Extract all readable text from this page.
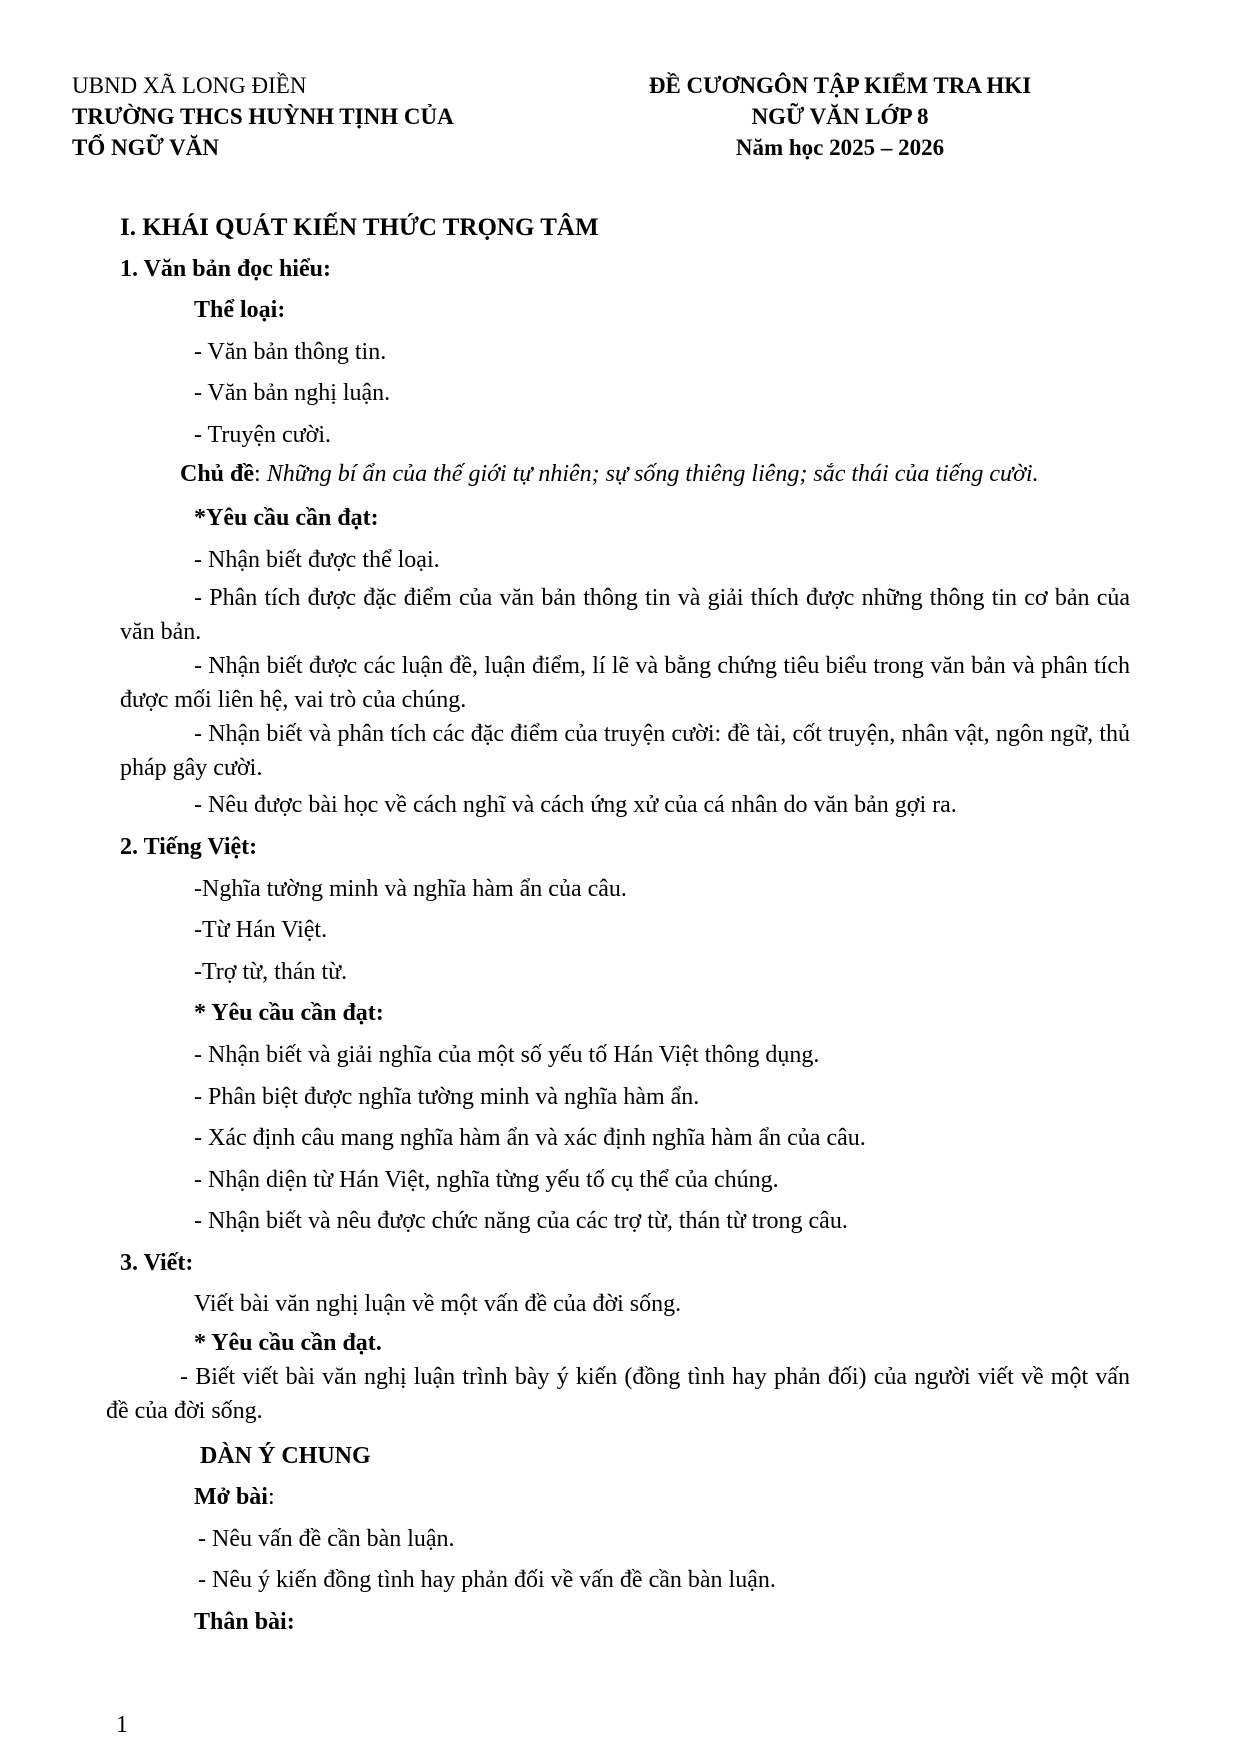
UBND XÃ LONG ĐIỀN
TRƯỜNG THCS HUỲNH TỊNH CỦA
TỔ NGỮ VĂN
ĐỀ CƯƠNGÔN TẬP KIỂM TRA HKI
NGỮ VĂN LỚP 8
Năm học 2025 – 2026
I. KHÁI QUÁT KIẾN THỨC TRỌNG TÂM
1. Văn bản đọc hiểu:
Thể loại:
- Văn bản thông tin.
- Văn bản nghị luận.
- Truyện cười.
Chủ đề: Những bí ẩn của thế giới tự nhiên; sự sống thiêng liêng; sắc thái của tiếng cười.
*Yêu cầu cần đạt:
- Nhận biết được thể loại.
- Phân tích được đặc điểm của văn bản thông tin và giải thích được những thông tin cơ bản của văn bản.
- Nhận biết được các luận đề, luận điểm, lí lẽ và bằng chứng tiêu biểu trong văn bản và phân tích được mối liên hệ, vai trò của chúng.
- Nhận biết và phân tích các đặc điểm của truyện cười: đề tài, cốt truyện, nhân vật, ngôn ngữ, thủ pháp gây cười.
- Nêu được bài học về cách nghĩ và cách ứng xử của cá nhân do văn bản gợi ra.
2. Tiếng Việt:
-Nghĩa tường minh và nghĩa hàm ẩn của câu.
-Từ Hán Việt.
-Trợ từ, thán từ.
* Yêu cầu cần đạt:
- Nhận biết và giải nghĩa của một số yếu tố Hán Việt thông dụng.
- Phân biệt được nghĩa tường minh và nghĩa hàm ẩn.
- Xác định câu mang nghĩa hàm ẩn và xác định nghĩa hàm ẩn của câu.
- Nhận diện từ Hán Việt, nghĩa từng yếu tố cụ thể của chúng.
- Nhận biết và nêu được chức năng của các trợ từ, thán từ trong câu.
3. Viết:
Viết bài văn nghị luận về một vấn đề của đời sống.
* Yêu cầu cần đạt.
- Biết viết bài văn nghị luận trình bày ý kiến (đồng tình hay phản đối) của người viết về một vấn đề của đời sống.
DÀN Ý CHUNG
Mở bài:
- Nêu vấn đề cần bàn luận.
- Nêu ý kiến đồng tình hay phản đối về vấn đề cần bàn luận.
Thân bài:
1
